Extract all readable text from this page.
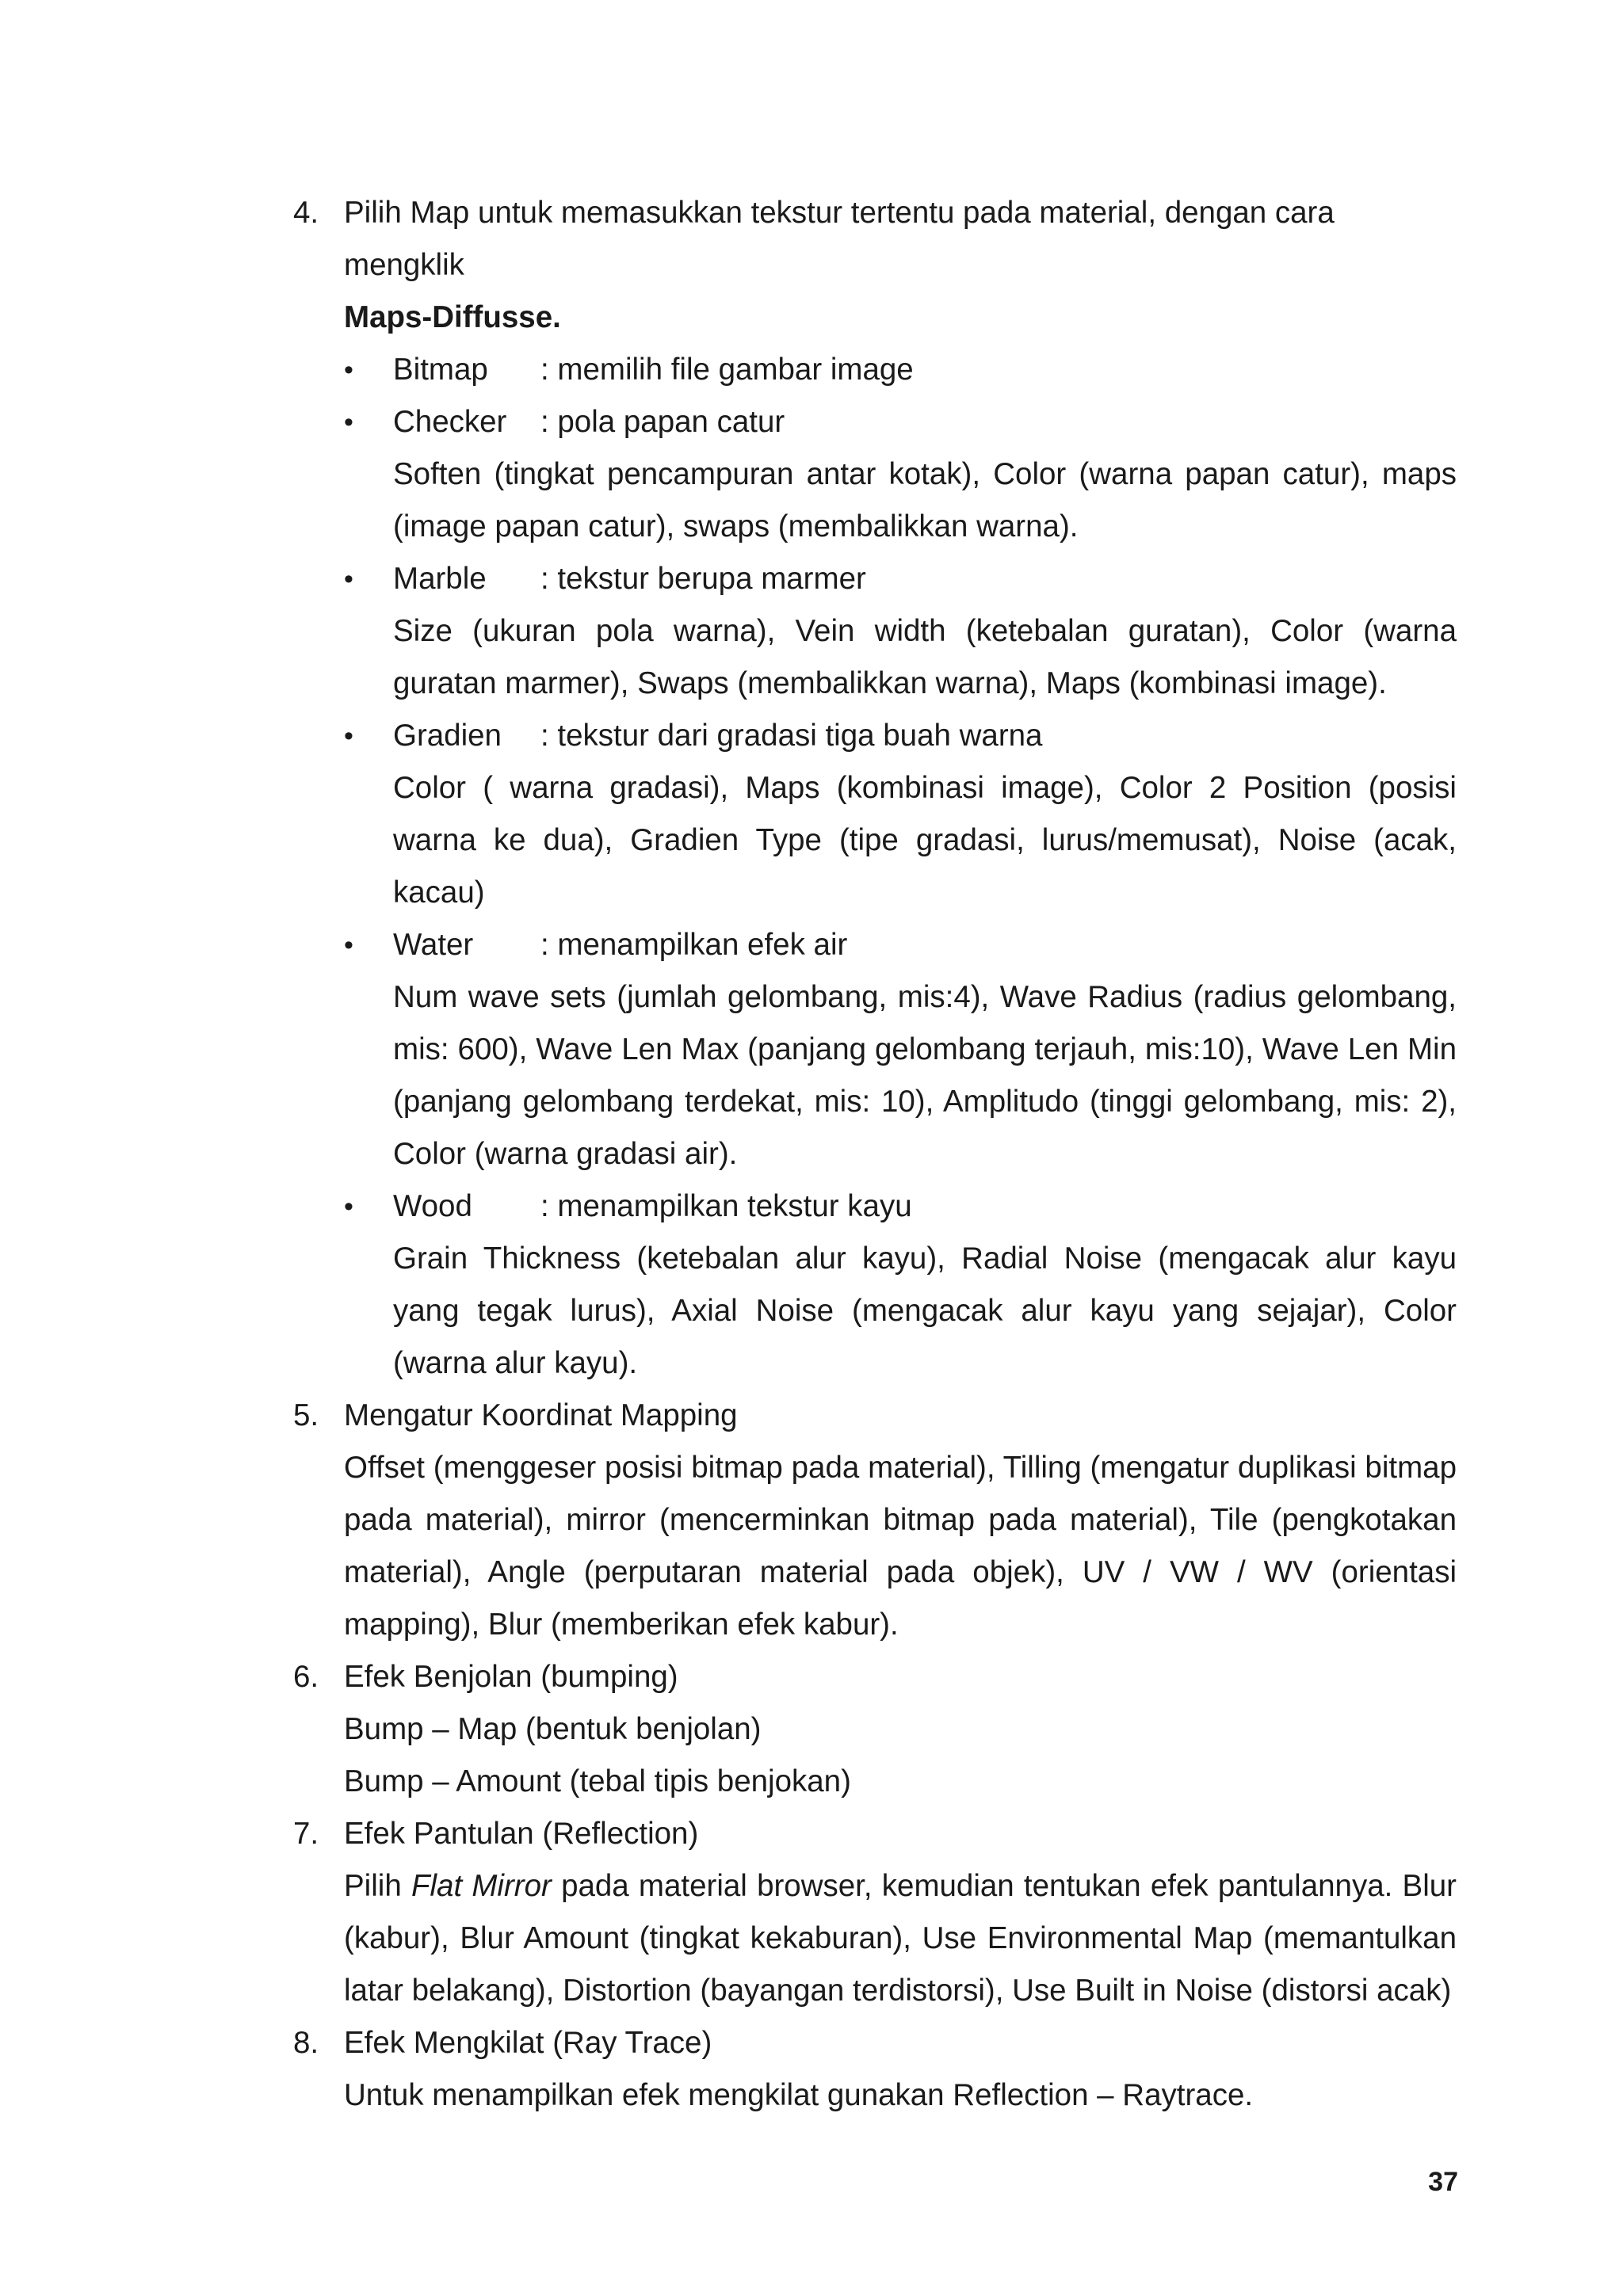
4. Pilih Map untuk memasukkan tekstur tertentu pada material, dengan cara mengklik
Maps-Diffusse.
•	Bitmap : memilih file gambar image
•	Checker : pola papan catur
Soften (tingkat pencampuran antar kotak), Color (warna papan catur), maps (image papan catur), swaps (membalikkan warna).
•	Marble : tekstur berupa marmer
Size (ukuran pola warna), Vein width (ketebalan guratan), Color (warna guratan marmer), Swaps (membalikkan warna), Maps (kombinasi image).
•	Gradien : tekstur dari gradasi tiga buah warna
Color ( warna gradasi), Maps (kombinasi image), Color 2 Position (posisi warna ke dua), Gradien Type (tipe gradasi, lurus/memusat), Noise (acak, kacau)
•	Water : menampilkan efek air
Num wave sets (jumlah gelombang, mis:4), Wave Radius (radius gelombang, mis: 600), Wave Len Max (panjang gelombang terjauh, mis:10), Wave Len Min (panjang gelombang terdekat, mis: 10), Amplitudo (tinggi gelombang, mis: 2), Color (warna gradasi air).
•	Wood : menampilkan tekstur kayu
Grain Thickness (ketebalan alur kayu), Radial Noise (mengacak alur kayu yang tegak lurus), Axial Noise (mengacak alur kayu yang sejajar), Color (warna alur kayu).
5. Mengatur Koordinat Mapping
Offset (menggeser posisi bitmap pada material), Tilling (mengatur duplikasi bitmap pada material), mirror (mencerminkan bitmap pada material), Tile (pengkotakan material), Angle (perputaran material pada objek), UV / VW / WV (orientasi mapping), Blur (memberikan efek kabur).
6. Efek Benjolan (bumping)
Bump – Map (bentuk benjolan)
Bump – Amount (tebal tipis benjokan)
7. Efek Pantulan (Reflection)
Pilih Flat Mirror pada material browser, kemudian tentukan efek pantulannya. Blur (kabur), Blur Amount (tingkat kekaburan), Use Environmental Map (memantulkan latar belakang), Distortion (bayangan terdistorsi), Use Built in Noise (distorsi acak)
8. Efek Mengkilat (Ray Trace)
Untuk menampilkan efek mengkilat gunakan Reflection – Raytrace.
37
